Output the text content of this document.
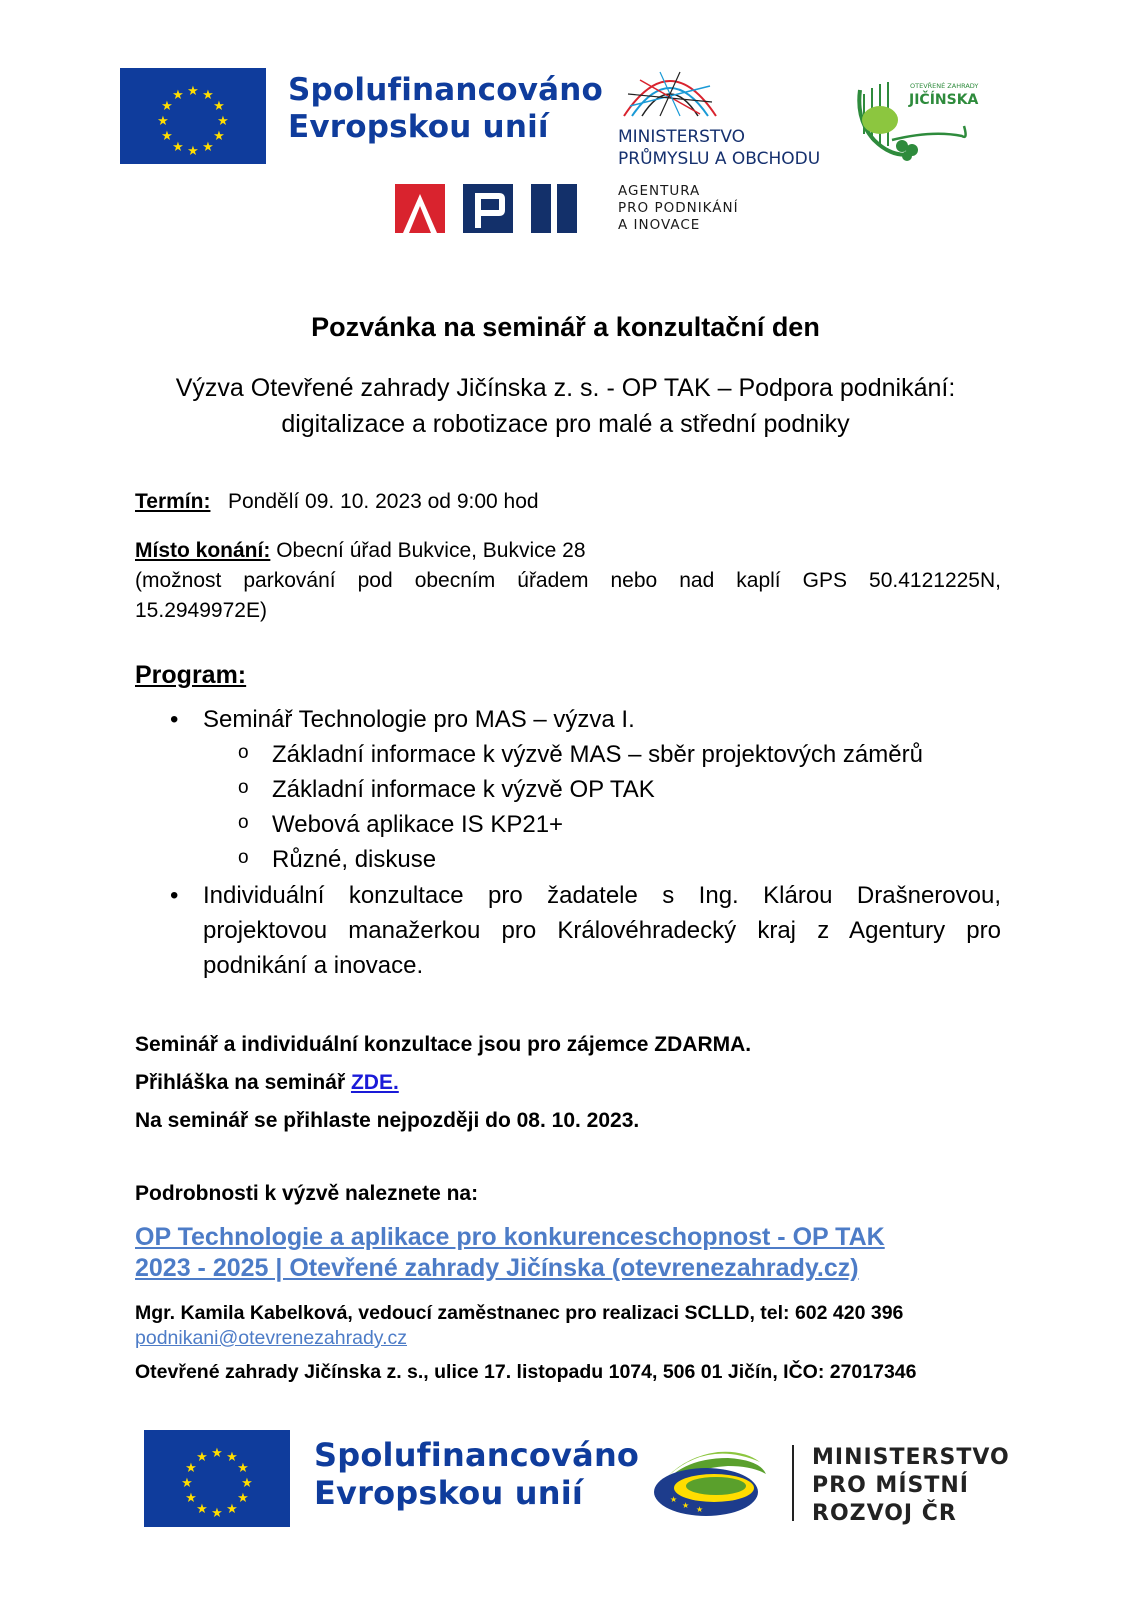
★ ★
★
★
★
★
★
★
★
★
★
★	Spolufinancováno
Evropskou unií	MINISTERSTVO
PRŮMYSLU A OBCHODU
OTEVŘENÉ ZAHRADY
JIČÍNSKA
AGENTURA
PRO PODNIKÁNÍ
A INOVACE
Pozvánka na seminář a konzultační den
Výzva Otevřené zahrady Jičínska z. s. - OP TAK – Podpora podnikání:
digitalizace a robotizace pro malé a střední podniky
Termín: Pondělí 09. 10. 2023 od 9:00 hod
Místo konání: Obecní úřad Bukvice, Bukvice 28
(možnost parkování pod obecním úřadem nebo nad kaplí GPS 50.4121225N,
15.2949972E)
Program:
• Seminář Technologie pro MAS – výzva I.
o Základní informace k výzvě MAS – sběr projektových záměrů
o Základní informace k výzvě OP TAK
o Webová aplikace IS KP21+
o Různé, diskuse
• Individuální konzultace pro žadatele s Ing. Klárou Drašnerovou,
projektovou manažerkou pro Královéhradecký kraj z Agentury pro
podnikání a inovace.
Seminář a individuální konzultace jsou pro zájemce ZDARMA.
Přihláška na seminář ZDE.
Na seminář se přihlaste nejpozději do 08. 10. 2023.
Podrobnosti k výzvě naleznete na:
OP Technologie a aplikace pro konkurenceschopnost - OP TAK
2023 - 2025 | Otevřené zahrady Jičínska (otevrenezahrady.cz)
Mgr. Kamila Kabelková, vedoucí zaměstnanec pro realizaci SCLLD, tel: 602 420 396
podnikani@otevrenezahrady.cz
Otevřené zahrady Jičínska z. s., ulice 17. listopadu 1074, 506 01 Jičín, IČO: 27017346
★ ★
★
★
★
★
★
★
★
★
★
★	Spolufinancováno
Evropskou unií	★
★ ★
MINISTERSTVO
PRO MÍSTNÍ
ROZVOJ ČR
